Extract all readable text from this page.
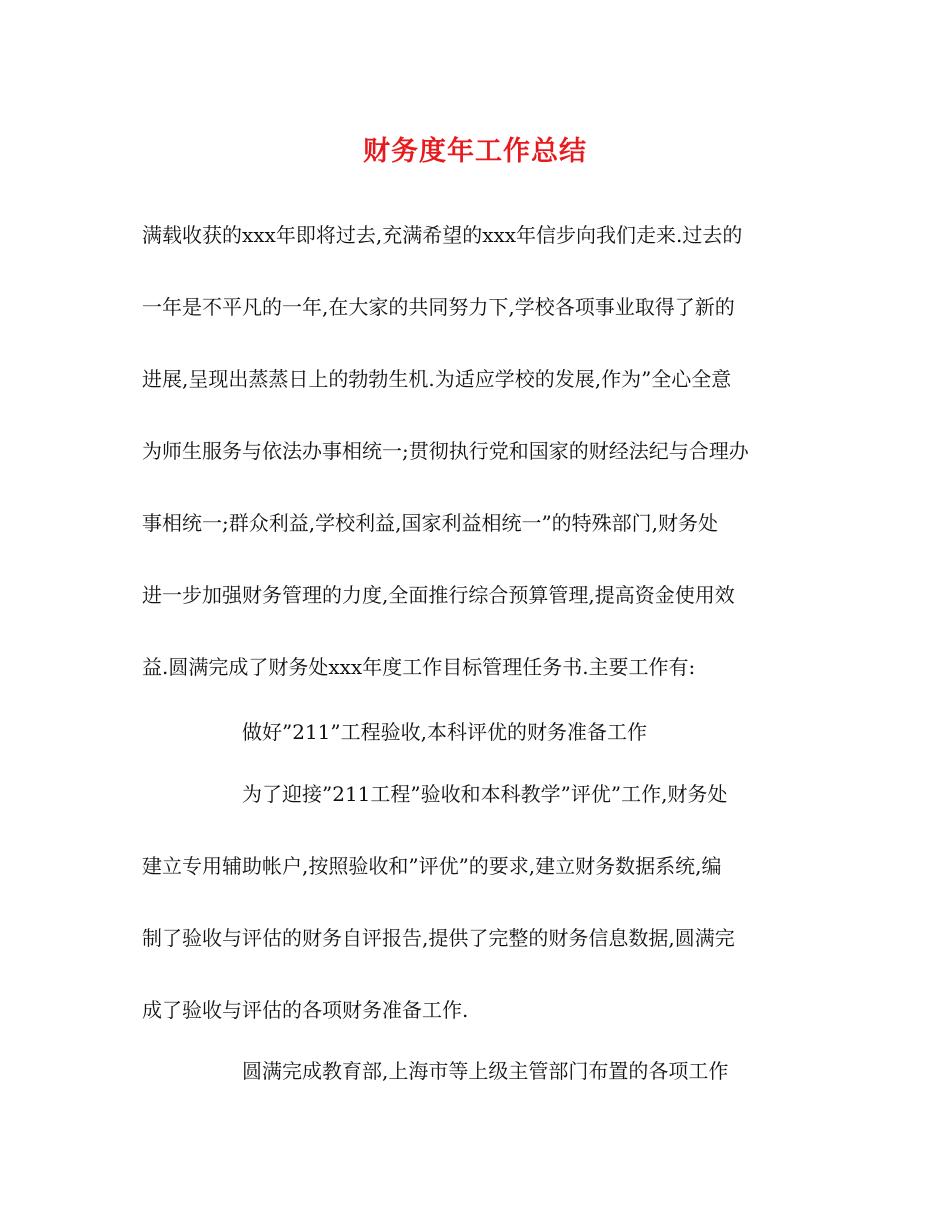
财务度年工作总结
满载收获的xxx年即将过去,充满希望的xxx年信步向我们走来.过去的
一年是不平凡的一年,在大家的共同努力下,学校各项事业取得了新的
进展,呈现出蒸蒸日上的勃勃生机.为适应学校的发展,作为”全心全意
为师生服务与依法办事相统一;贯彻执行党和国家的财经法纪与合理办
事相统一;群众利益,学校利益,国家利益相统一”的特殊部门,财务处
进一步加强财务管理的力度,全面推行综合预算管理,提高资金使用效
益.圆满完成了财务处xxx年度工作目标管理任务书.主要工作有:
做好”211”工程验收,本科评优的财务准备工作
为了迎接”211工程”验收和本科教学”评优”工作,财务处
建立专用辅助帐户,按照验收和”评优”的要求,建立财务数据系统,编
制了验收与评估的财务自评报告,提供了完整的财务信息数据,圆满完
成了验收与评估的各项财务准备工作.
圆满完成教育部,上海市等上级主管部门布置的各项工作
